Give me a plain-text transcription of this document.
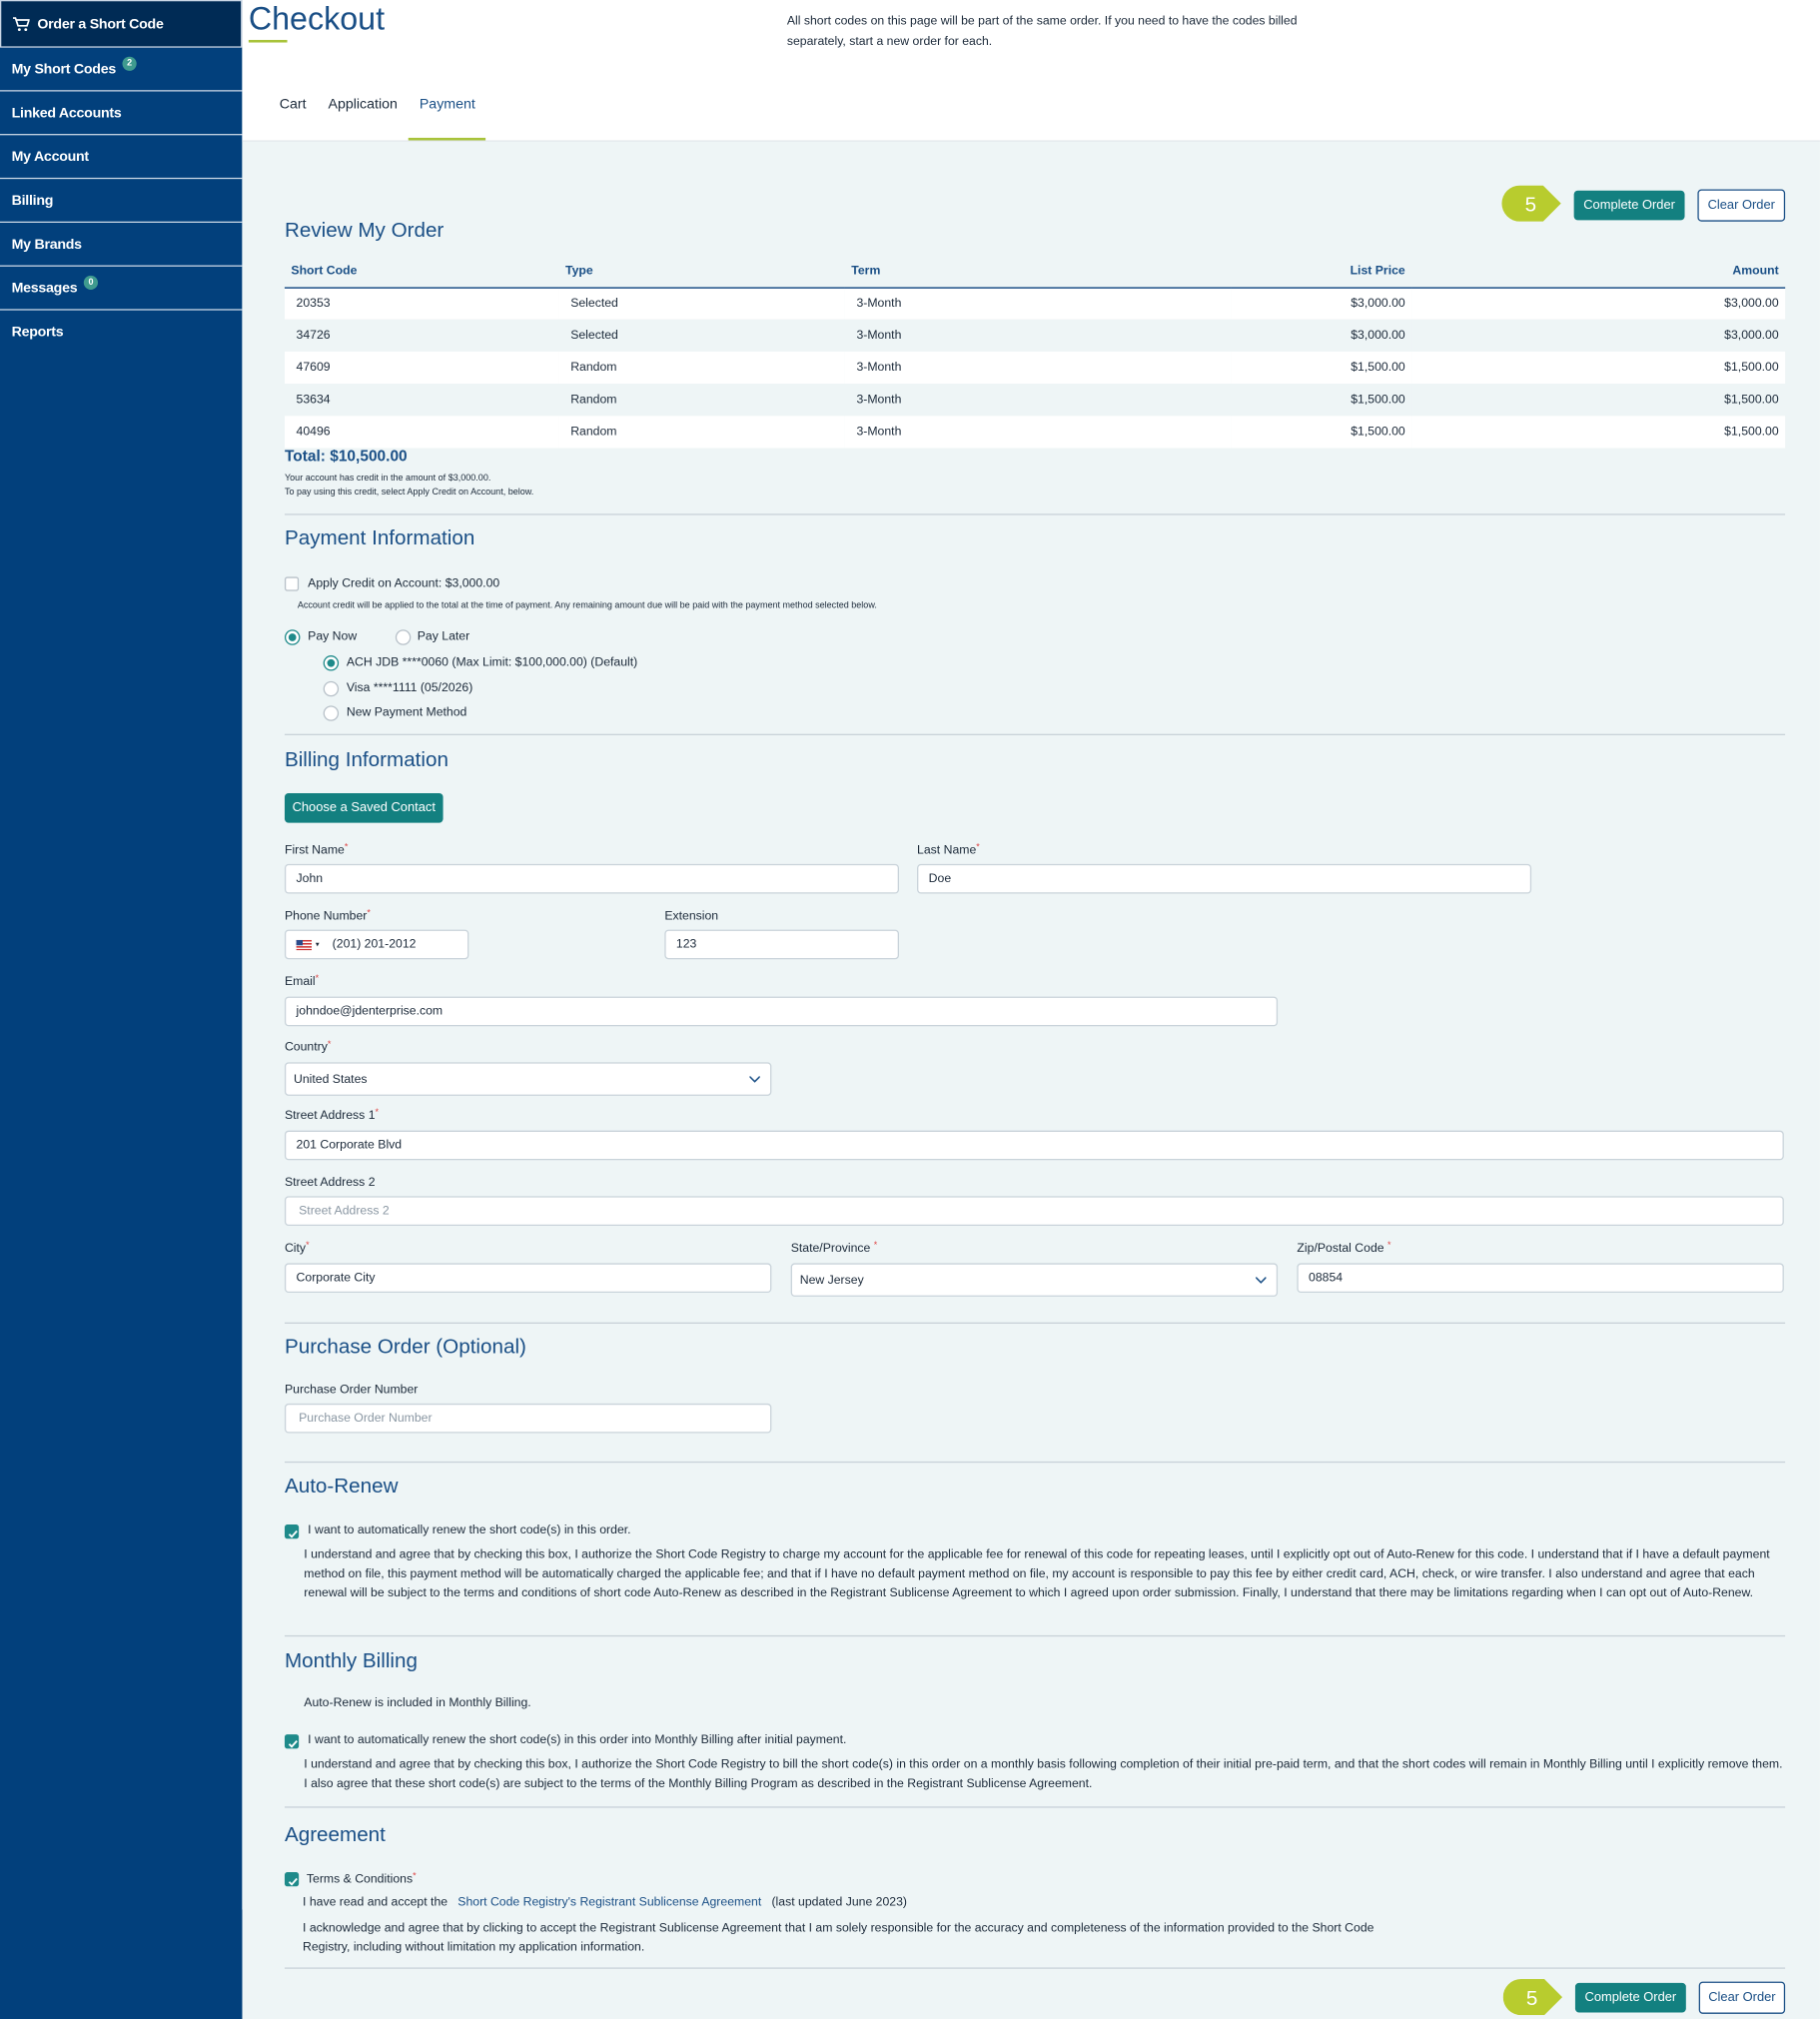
Order a Short Code
My Short Codes	2
Linked Accounts
My Account
Billing
My Brands
Messages	0
Reports
Checkout	All short codes on this page will be part of the same order. If you need to have the codes billed separately, start a new order for each.
Cart Application	Payment
5	Complete Order	Clear Order
Review My Order
Short Code	Type	Term	List Price	Amount
20353	Selected	3-Month	$3,000.00	$3,000.00
34726	Selected	3-Month	$3,000.00	$3,000.00
47609	Random	3-Month	$1,500.00	$1,500.00
53634	Random	3-Month	$1,500.00	$1,500.00
40496	Random	3-Month	$1,500.00	$1,500.00
Total: $10,500.00
Your account has credit in the amount of $3,000.00.
To pay using this credit, select Apply Credit on Account, below.
Payment Information
Apply Credit on Account: $3,000.00
Account credit will be applied to the total at the time of payment. Any remaining amount due will be paid with the payment method selected below.
Pay Now	Pay Later
ACH JDB ****0060 (Max Limit: $100,000.00) (Default)
Visa ****1111 (05/2026)
New Payment Method
Billing Information
Choose a Saved Contact
First Name*
John
Last Name*
Doe
Phone Number*
▾ (201) 201-2012
Extension
123
Email*
johndoe@jdenterprise.com
Country*
United States
Street Address 1*
201 Corporate Blvd
Street Address 2
Street Address 2
City*
Corporate City
State/Province *
New Jersey
Zip/Postal Code *
08854
Purchase Order (Optional)
Purchase Order Number
Purchase Order Number
Auto-Renew
I want to automatically renew the short code(s) in this order.
I understand and agree that by checking this box, I authorize the Short Code Registry to charge my account for the applicable fee for renewal of this code for repeating leases, until I explicitly opt out of Auto-Renew for this code. I understand that if I have a default payment method on file, this payment method will be automatically charged the applicable fee; and that if I have no default payment method on file, my account is responsible to pay this fee by either credit card, ACH, check, or wire transfer. I also understand and agree that each renewal will be subject to the terms and conditions of short code Auto-Renew as described in the Registrant Sublicense Agreement to which I agreed upon order submission. Finally, I understand that there may be limitations regarding when I can opt out of Auto-Renew.
Monthly Billing
Auto-Renew is included in Monthly Billing.
I want to automatically renew the short code(s) in this order into Monthly Billing after initial payment.
I understand and agree that by checking this box, I authorize the Short Code Registry to bill the short code(s) in this order on a monthly basis following completion of their initial pre-paid term, and that the short codes will remain in Monthly Billing until I explicitly remove them. I also agree that these short code(s) are subject to the terms of the Monthly Billing Program as described in the Registrant Sublicense Agreement.
Agreement
Terms & Conditions*
I have read and accept the Short Code Registry's Registrant Sublicense Agreement (last updated June 2023)
I acknowledge and agree that by clicking to accept the Registrant Sublicense Agreement that I am solely responsible for the accuracy and completeness of the information provided to the Short Code Registry, including without limitation my application information.
5	Complete Order	Clear Order
